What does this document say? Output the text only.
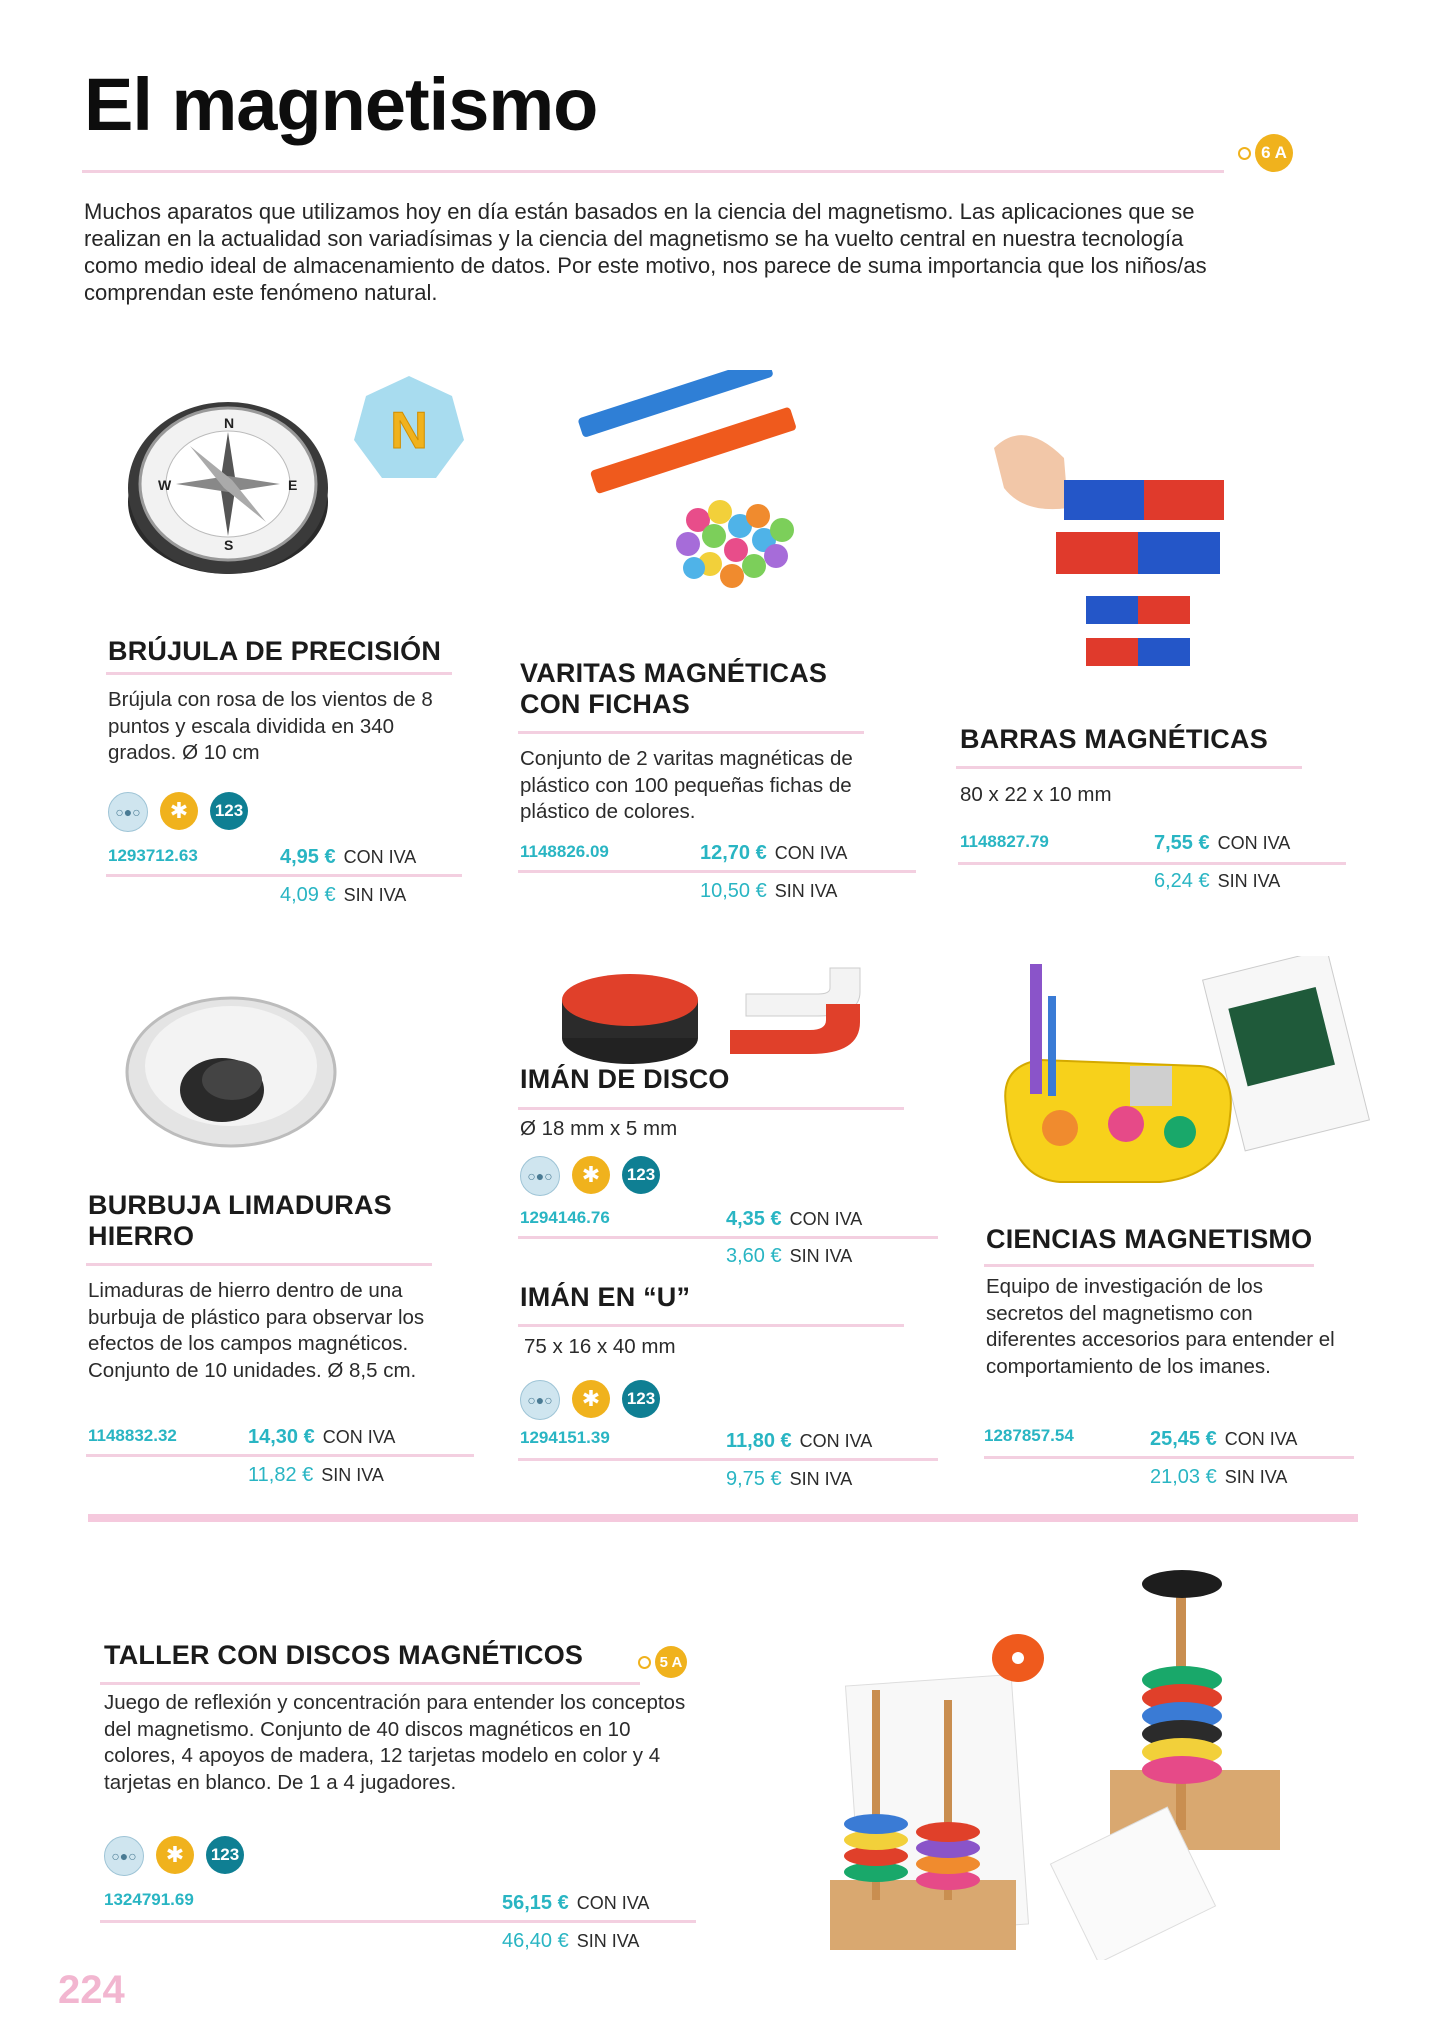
El magnetismo
6 A

Muchos aparatos que utilizamos hoy en día están basados en la ciencia del magnetismo. Las aplicaciones que se realizan en la actualidad son variadísimas y la ciencia del magnetismo se ha vuelto central en nuestra tecnología como medio ideal de almacenamiento de datos. Por este motivo, nos parece de suma importancia que los niños/as comprendan este fenómeno natural.

N
S
W	E
N
BRÚJULA DE PRECISIÓN

Brújula con rosa de los vientos de 8 puntos y escala dividida en 340 grados. Ø 10 cm

○●○	✱	123
1293712.63	4,95 € CON IVA
4,09 € SIN IVA
VARITAS MAGNÉTICAS CON FICHAS

Conjunto de 2 varitas magnéticas de plástico con 100 pequeñas fichas de plástico de colores.

1148826.09	12,70 € CON IVA
10,50 € SIN IVA
BARRAS MAGNÉTICAS

80 x 22 x 10 mm

1148827.79	7,55 € CON IVA
6,24 € SIN IVA
BURBUJA LIMADURAS HIERRO

Limaduras de hierro dentro de una burbuja de plástico para observar los efectos de los campos magnéticos. Conjunto de 10 unidades. Ø 8,5 cm.

1148832.32	14,30 € CON IVA
11,82 € SIN IVA
IMÁN DE DISCO

Ø 18 mm x 5 mm

○●○	✱	123
1294146.76	4,35 € CON IVA
3,60 € SIN IVA
IMÁN EN “U”

75 x 16 x 40 mm

○●○	✱	123
1294151.39	11,80 € CON IVA
9,75 € SIN IVA
CIENCIAS MAGNETISMO

Equipo de investigación de los secretos del magnetismo con diferentes accesorios para entender el comportamiento de los imanes.

1287857.54	25,45 € CON IVA
21,03 € SIN IVA
TALLER CON DISCOS MAGNÉTICOS	5 A

Juego de reflexión y concentración para entender los conceptos del magnetismo. Conjunto de 40 discos magnéticos en 10 colores, 4 apoyos de madera, 12 tarjetas modelo en color y 4 tarjetas en blanco. De 1 a 4 jugadores.

○●○	✱	123
1324791.69	56,15 € CON IVA
46,40 € SIN IVA

224
